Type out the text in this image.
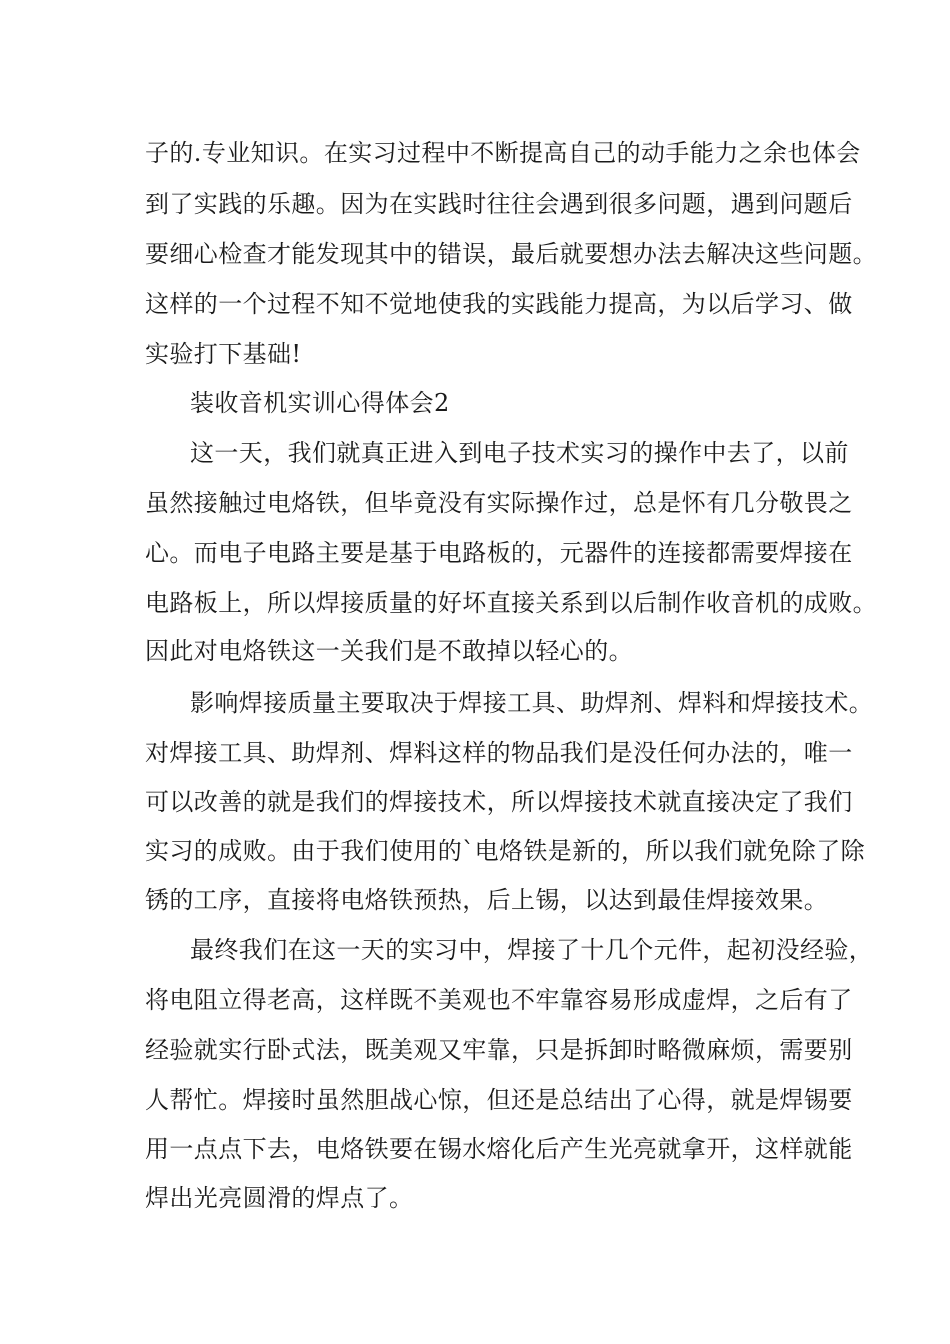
子的.专业知识。在实习过程中不断提高自己的动手能力之余也体会
到了实践的乐趣。因为在实践时往往会遇到很多问题，遇到问题后
要细心检查才能发现其中的错误，最后就要想办法去解决这些问题。
这样的一个过程不知不觉地使我的实践能力提高，为以后学习、做
实验打下基础!
装收音机实训心得体会2
这一天，我们就真正进入到电子技术实习的操作中去了，以前
虽然接触过电烙铁，但毕竟没有实际操作过，总是怀有几分敬畏之
心。而电子电路主要是基于电路板的，元器件的连接都需要焊接在
电路板上，所以焊接质量的好坏直接关系到以后制作收音机的成败。
因此对电烙铁这一关我们是不敢掉以轻心的。
影响焊接质量主要取决于焊接工具、助焊剂、焊料和焊接技术。
对焊接工具、助焊剂、焊料这样的物品我们是没任何办法的，唯一
可以改善的就是我们的焊接技术，所以焊接技术就直接决定了我们
实习的成败。由于我们使用的`电烙铁是新的，所以我们就免除了除
锈的工序，直接将电烙铁预热，后上锡，以达到最佳焊接效果。
最终我们在这一天的实习中，焊接了十几个元件，起初没经验，
将电阻立得老高，这样既不美观也不牢靠容易形成虚焊，之后有了
经验就实行卧式法，既美观又牢靠，只是拆卸时略微麻烦，需要别
人帮忙。焊接时虽然胆战心惊，但还是总结出了心得，就是焊锡要
用一点点下去，电烙铁要在锡水熔化后产生光亮就拿开，这样就能
焊出光亮圆滑的焊点了。
